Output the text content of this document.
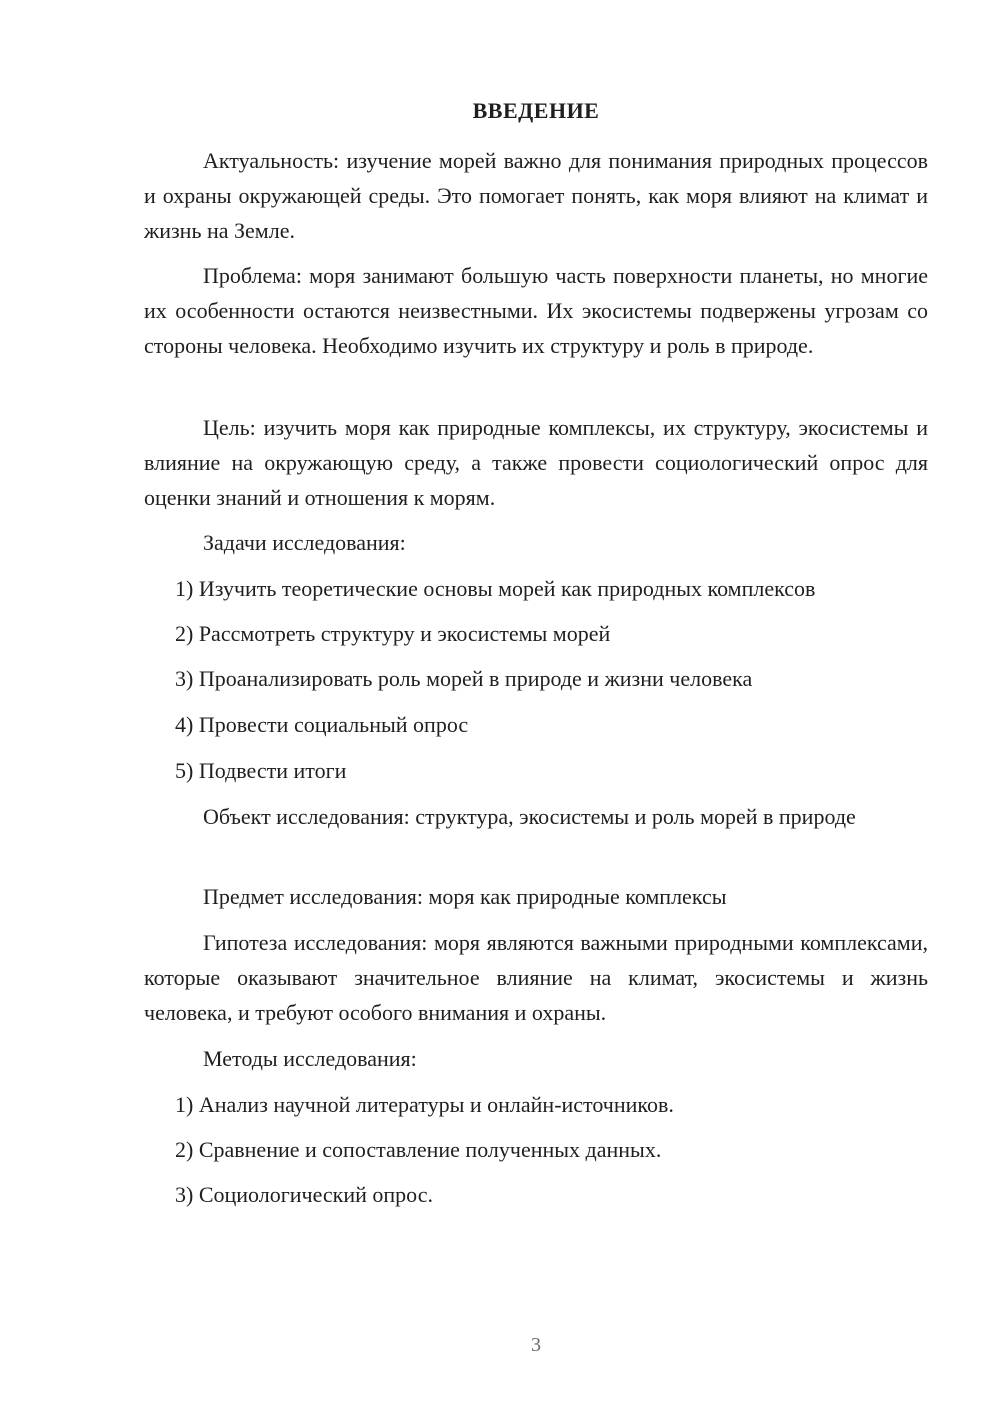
ВВЕДЕНИЕ

Актуальность: изучение морей важно для понимания природных процессов и охраны окружающей среды. Это помогает понять, как моря влияют на климат и жизнь на Земле.

Проблема: моря занимают большую часть поверхности планеты, но многие их особенности остаются неизвестными. Их экосистемы подвержены угрозам со стороны человека. Необходимо изучить их структуру и роль в природе.

Цель: изучить моря как природные комплексы, их структуру, экосистемы и влияние на окружающую среду, а также провести социологический опрос для оценки знаний и отношения к морям.

Задачи исследования:

1) Изучить теоретические основы морей как природных комплексов

2) Рассмотреть структуру и экосистемы морей

3) Проанализировать роль морей в природе и жизни человека

4) Провести социальный опрос

5) Подвести итоги

Объект исследования: структура, экосистемы и роль морей в природе

Предмет исследования: моря как природные комплексы

Гипотеза исследования: моря являются важными природными комплексами, которые оказывают значительное влияние на климат, экосистемы и жизнь человека, и требуют особого внимания и охраны.

Методы исследования:

1) Анализ научной литературы и онлайн-источников.

2) Сравнение и сопоставление полученных данных.

3) Социологический опрос.

3
